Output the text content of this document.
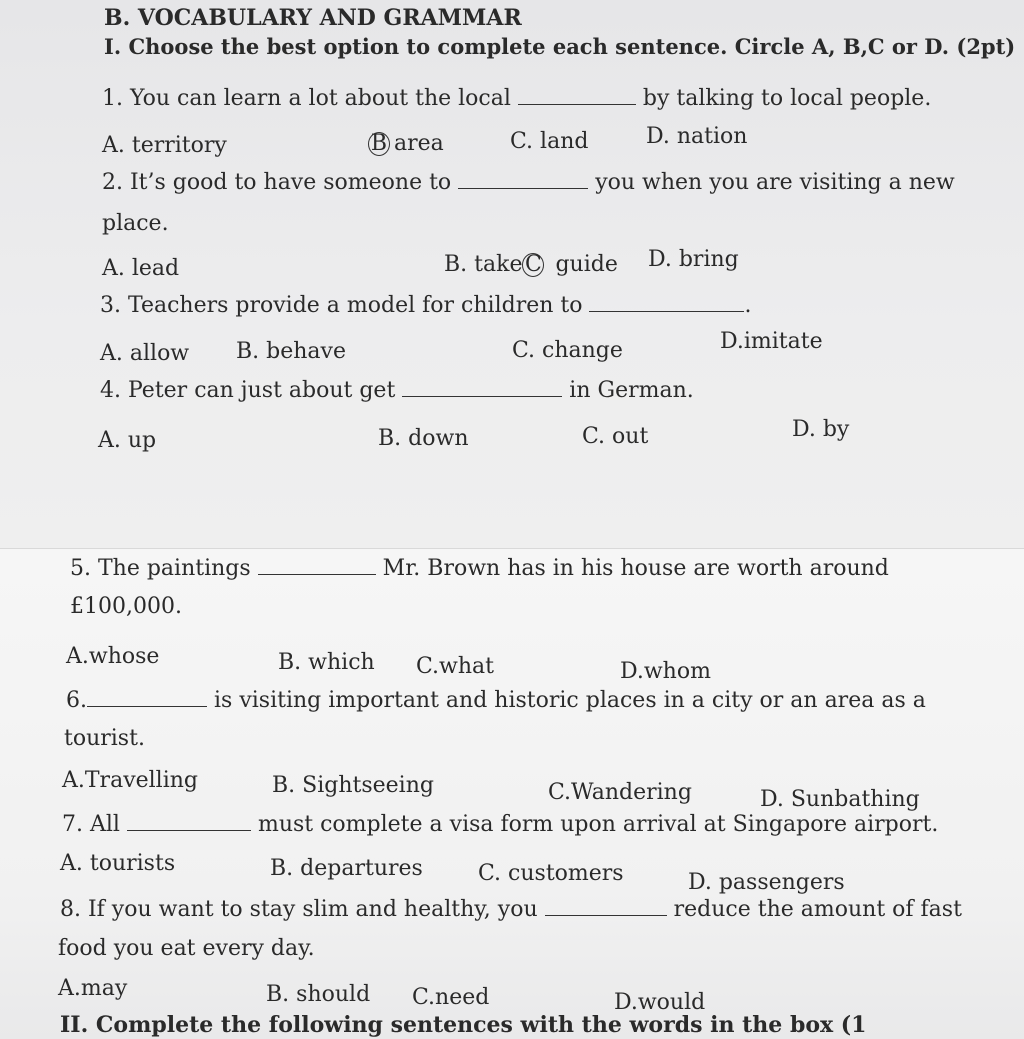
B. VOCABULARY AND GRAMMAR
I. Choose the best option to complete each sentence. Circle A, B,C or D. (2pt)
1. You can learn a lot about the local	by talking to local people.
A. territory	B area	C. land	D. nation
2. It’s good to have someone to	you when you are visiting a new
place.
A. lead	B. take C guide D. bring
3. Teachers provide a model for children to	.
A. allow B. behave	C. change	D.imitate
4. Peter can just about get	in German.
A. up	B. down	C. out	D. by
5. The paintings	Mr. Brown has in his house are worth around
£100,000.
A.whose	B. which C.what	D.whom
6.	is visiting important and historic places in a city or an area as a
tourist.
A.Travelling	B. Sightseeing	C.Wandering	D. Sunbathing
7. All	must complete a visa form upon arrival at Singapore airport.
A. tourists	B. departures	C. customers	D. passengers
8. If you want to stay slim and healthy, you	reduce the amount of fast
food you eat every day.
A.may	B. should C.need	D.would
II. Complete the following sentences with the words in the box (1
